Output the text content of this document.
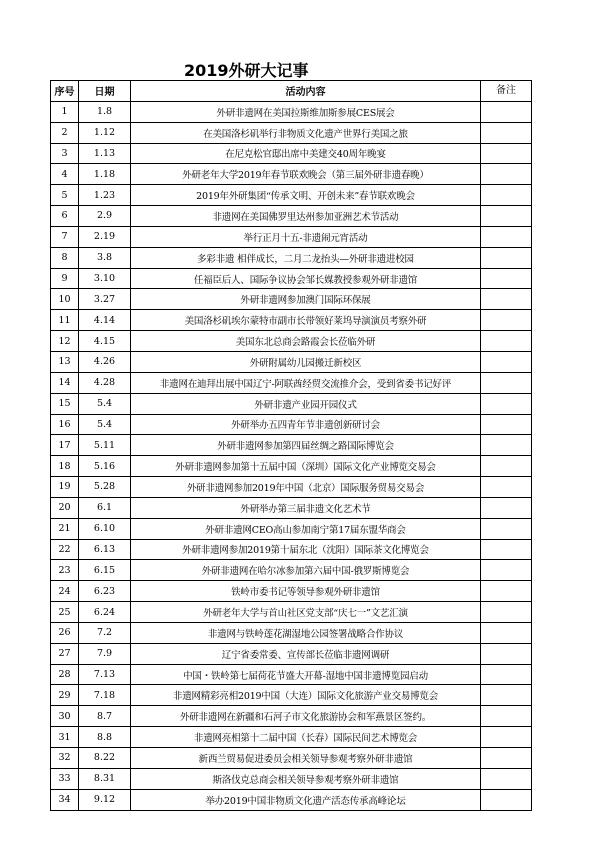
2019外研大记事
序号	日期	活动内容	备注
1	1.8	外研非遗网在美国拉斯维加斯参展CES展会	
2	1.12	在美国洛杉矶举行非物质文化遗产世界行美国之旅	
3	1.13	在尼克松官邸出席中美建交40周年晚宴	
4	1.18	外研老年大学2019年春节联欢晚会（第三届外研非遗春晚）	
5	1.23	2019年外研集团“传承文明、开创未来”春节联欢晚会	
6	2.9	非遗网在美国佛罗里达州参加亚洲艺术节活动	
7	2.19	举行正月十五-非遗闹元宵活动	
8	3.8	多彩非遗 相伴成长，二月二龙抬头—外研非遗进校园	
9	3.10	任福臣后人、国际争议协会邹长媒教授参观外研非遗馆	
10	3.27	外研非遗网参加澳门国际环保展	
11	4.14	美国洛杉矶埃尔蒙特市副市长带领好莱坞导演演员考察外研	
12	4.15	美国东北总商会路霞会长莅临外研	
13	4.26	外研附属幼儿园搬迁新校区	
14	4.28	非遗网在迪拜出展中国辽宁-阿联酋经贸交流推介会，受到省委书记好评	
15	5.4	外研非遗产业园开园仪式	
16	5.4	外研举办五四青年节非遗创新研讨会	
17	5.11	外研非遗网参加第四届丝绸之路国际博览会	
18	5.16	外研非遗网参加第十五届中国（深圳）国际文化产业博览交易会	
19	5.28	外研非遗网参加2019年中国（北京）国际服务贸易交易会	
20	6.1	外研举办第三届非遗文化艺术节	
21	6.10	外研非遗网CEO高山参加南宁第17届东盟华商会	
22	6.13	外研非遗网参加2019第十届东北（沈阳）国际茶文化博览会	
23	6.15	外研非遗网在哈尔冰参加第六届中国-俄罗斯博览会	
24	6.23	铁岭市委书记等领导参观外研非遗馆	
25	6.24	外研老年大学与首山社区党支部“庆七一”文艺汇演	
26	7.2	非遗网与铁岭莲花湖湿地公园签署战略合作协议	
27	7.9	辽宁省委常委、宣传部长莅临非遗网调研	
28	7.13	中国・铁岭第七届荷花节盛大开幕-湿地中国非遗博览园启动	
29	7.18	非遗网精彩亮相2019中国（大连）国际文化旅游产业交易博览会	
30	8.7	外研非遗网在新疆和石河子市文化旅游协会和军燕景区签约。	
31	8.8	非遗网亮相第十二届中国（长春）国际民间艺术博览会	
32	8.22	新西兰贸易促进委员会相关领导参观考察外研非遗馆	
33	8.31	斯洛伐克总商会相关领导参观考察外研非遗馆	
34	9.12	举办2019中国非物质文化遗产活态传承高峰论坛	
